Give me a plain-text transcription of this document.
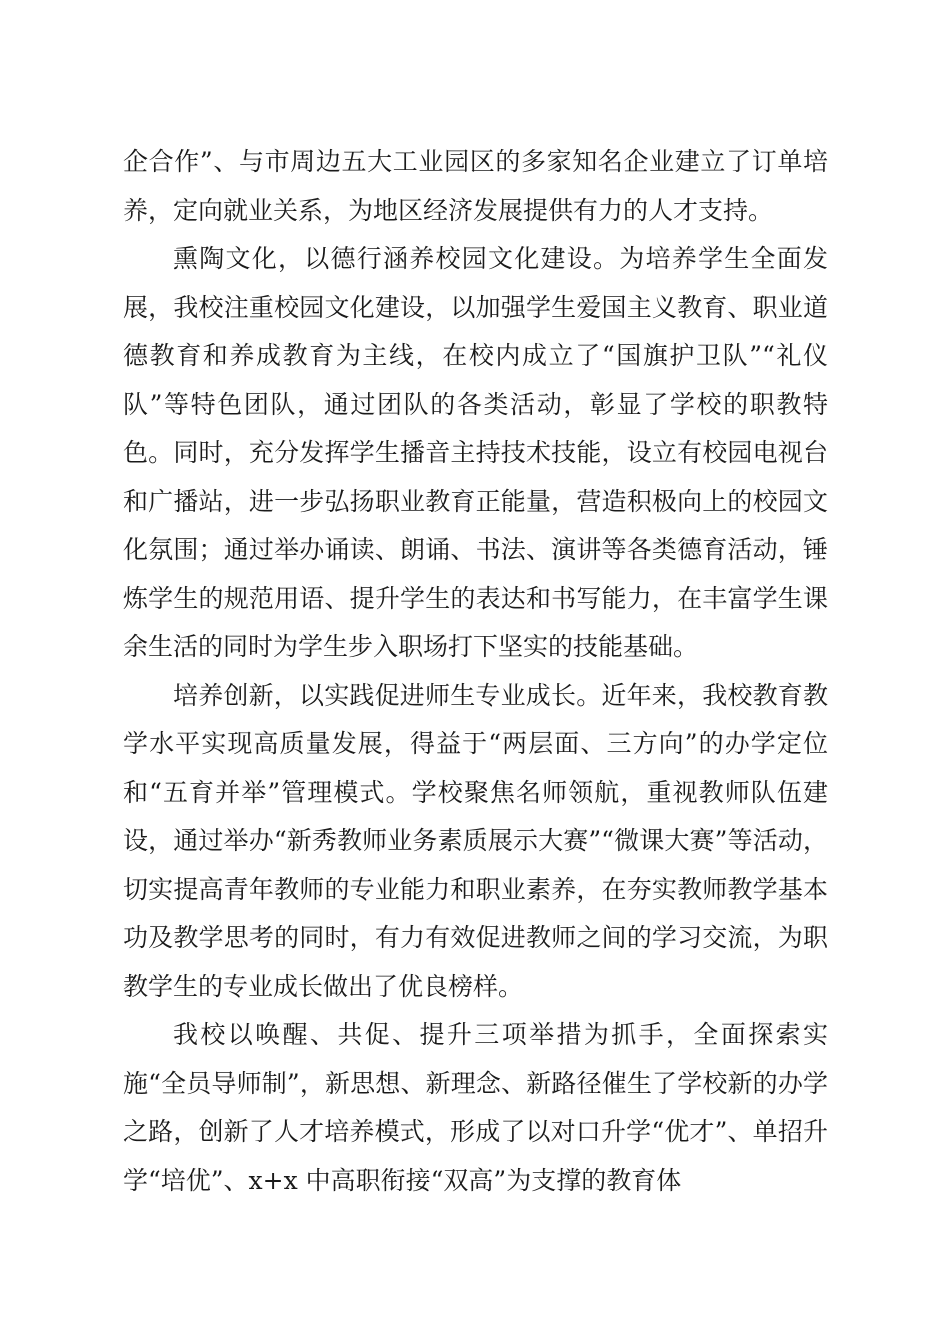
企合作”、与市周边五大工业园区的多家知名企业建立了订单培养，定向就业关系，为地区经济发展提供有力的人才支持。

熏陶文化，以德行涵养校园文化建设。为培养学生全面发展，我校注重校园文化建设，以加强学生爱国主义教育、职业道德教育和养成教育为主线，在校内成立了“国旗护卫队”“礼仪队”等特色团队，通过团队的各类活动，彰显了学校的职教特色。同时，充分发挥学生播音主持技术技能，设立有校园电视台和广播站，进一步弘扬职业教育正能量，营造积极向上的校园文化氛围；通过举办诵读、朗诵、书法、演讲等各类德育活动，锤炼学生的规范用语、提升学生的表达和书写能力，在丰富学生课余生活的同时为学生步入职场打下坚实的技能基础。

培养创新，以实践促进师生专业成长。近年来，我校教育教学水平实现高质量发展，得益于“两层面、三方向”的办学定位和“五育并举”管理模式。学校聚焦名师领航，重视教师队伍建设，通过举办“新秀教师业务素质展示大赛”“微课大赛”等活动，切实提高青年教师的专业能力和职业素养，在夯实教师教学基本功及教学思考的同时，有力有效促进教师之间的学习交流，为职教学生的专业成长做出了优良榜样。

我校以唤醒、共促、提升三项举措为抓手，全面探索实施“全员导师制”，新思想、新理念、新路径催生了学校新的办学之路，创新了人才培养模式，形成了以对口升学“优才”、单招升学“培优”、x+x 中高职衔接“双高”为支撑的教育体
